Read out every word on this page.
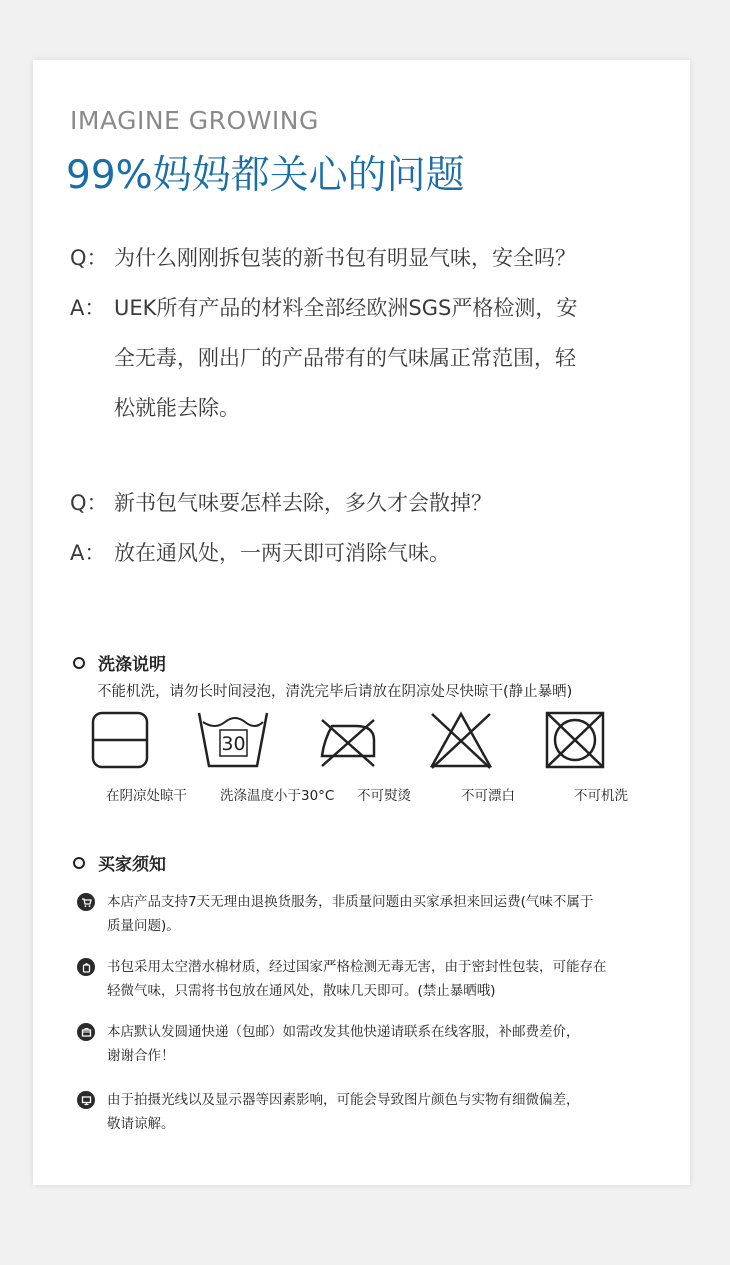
IMAGINE GROWING
99%妈妈都关心的问题
Q： 为什么刚刚拆包装的新书包有明显气味，安全吗？
A： UEK所有产品的材料全部经欧洲SGS严格检测，安
全无毒，刚出厂的产品带有的气味属正常范围，轻
松就能去除。
Q： 新书包气味要怎样去除，多久才会散掉？
A： 放在通风处，一两天即可消除气味。
洗涤说明
不能机洗，请勿长时间浸泡，清洗完毕后请放在阴凉处尽快晾干(静止暴晒)
30
在阴凉处晾干 洗涤温度小于30°C 不可熨烫	不可漂白	不可机洗
买家须知
本店产品支持7天无理由退换货服务，非质量问题由买家承担来回运费(气味不属于
质量问题)。
书包采用太空潜水棉材质，经过国家严格检测无毒无害，由于密封性包装，可能存在
轻微气味，只需将书包放在通风处，散味几天即可。(禁止暴晒哦)
本店默认发圆通快递（包邮）如需改发其他快递请联系在线客服，补邮费差价，
谢谢合作！
由于拍摄光线以及显示器等因素影响，可能会导致图片颜色与实物有细微偏差，
敬请谅解。
